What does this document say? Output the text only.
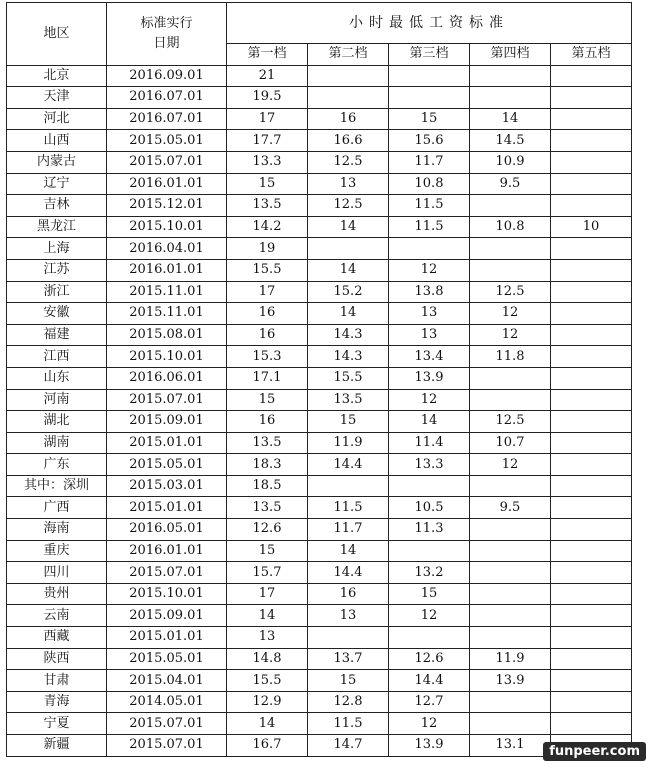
地区	标准实行
日期	小时最低工资标准				
		第一档	第二档	第三档	第四档	第五档
北京	2016.09.01	21				
天津	2016.07.01	19.5				
河北	2016.07.01	17	16	15	14	
山西	2015.05.01	17.7	16.6	15.6	14.5	
内蒙古	2015.07.01	13.3	12.5	11.7	10.9	
辽宁	2016.01.01	15	13	10.8	9.5	
吉林	2015.12.01	13.5	12.5	11.5		
黑龙江	2015.10.01	14.2	14	11.5	10.8	10
上海	2016.04.01	19				
江苏	2016.01.01	15.5	14	12		
浙江	2015.11.01	17	15.2	13.8	12.5	
安徽	2015.11.01	16	14	13	12	
福建	2015.08.01	16	14.3	13	12	
江西	2015.10.01	15.3	14.3	13.4	11.8	
山东	2016.06.01	17.1	15.5	13.9		
河南	2015.07.01	15	13.5	12		
湖北	2015.09.01	16	15	14	12.5	
湖南	2015.01.01	13.5	11.9	11.4	10.7	
广东	2015.05.01	18.3	14.4	13.3	12	
其中：深圳	2015.03.01	18.5				
广西	2015.01.01	13.5	11.5	10.5	9.5	
海南	2016.05.01	12.6	11.7	11.3		
重庆	2016.01.01	15	14			
四川	2015.07.01	15.7	14.4	13.2		
贵州	2015.10.01	17	16	15		
云南	2015.09.01	14	13	12		
西藏	2015.01.01	13				
陕西	2015.05.01	14.8	13.7	12.6	11.9	
甘肃	2015.04.01	15.5	15	14.4	13.9	
青海	2014.05.01	12.9	12.8	12.7		
宁夏	2015.07.01	14	11.5	12		
新疆	2015.07.01	16.7	14.7	13.9	13.1		funpeer.com
